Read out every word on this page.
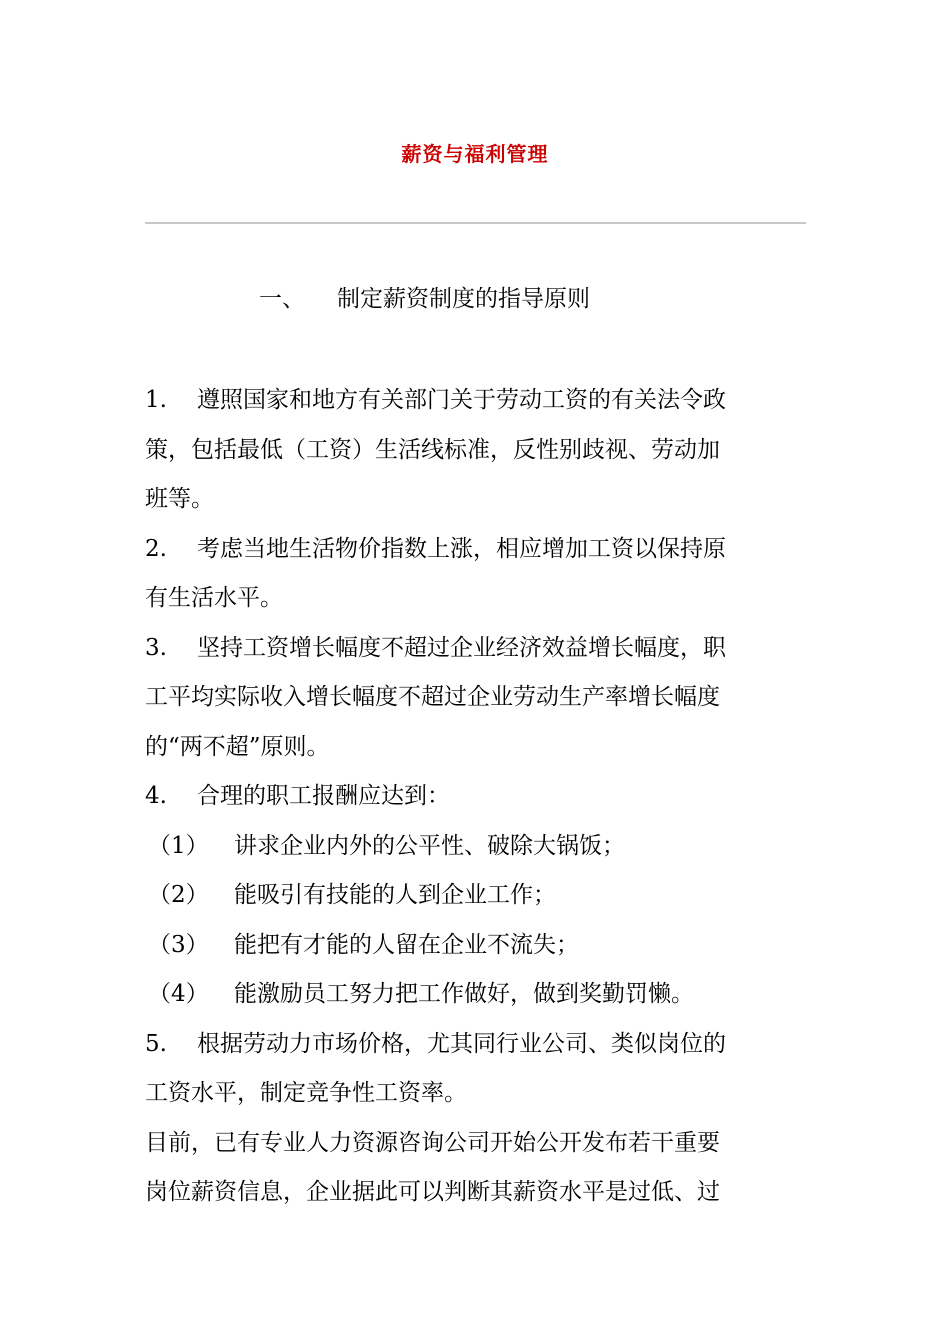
薪资与福利管理
一、 制定薪资制度的指导原则
1. 遵照国家和地方有关部门关于劳动工资的有关法令政
策，包括最低（工资）生活线标准，反性别歧视、劳动加
班等。
2. 考虑当地生活物价指数上涨，相应增加工资以保持原
有生活水平。
3. 坚持工资增长幅度不超过企业经济效益增长幅度，职
工平均实际收入增长幅度不超过企业劳动生产率增长幅度
的“两不超”原则。
4. 合理的职工报酬应达到：
（1） 讲求企业内外的公平性、破除大锅饭；
（2） 能吸引有技能的人到企业工作；
（3） 能把有才能的人留在企业不流失；
（4） 能激励员工努力把工作做好，做到奖勤罚懒。
5. 根据劳动力市场价格，尤其同行业公司、类似岗位的
工资水平，制定竞争性工资率。
目前，已有专业人力资源咨询公司开始公开发布若干重要
岗位薪资信息，企业据此可以判断其薪资水平是过低、过
